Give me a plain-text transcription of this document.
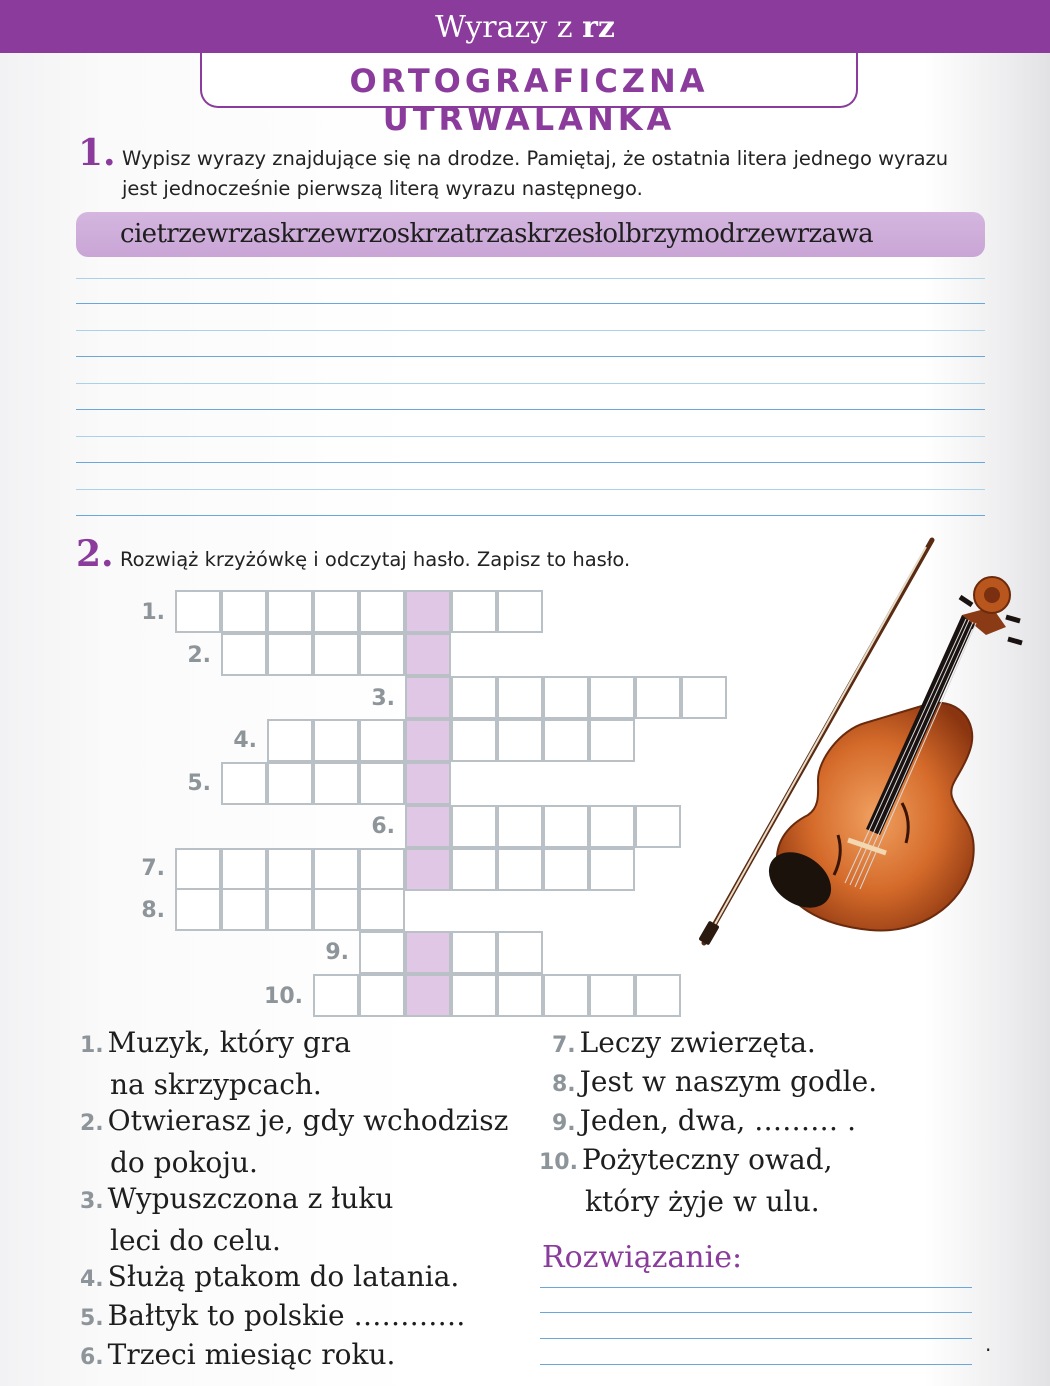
Wyrazy z rz
ORTOGRAFICZNA UTRWALANKA
1. Wypisz wyrazy znajdujące się na drodze. Pamiętaj, że ostatnia litera jednego wyrazu
jest jednocześnie pierwszą literą wyrazu następnego.
cietrzewrzaskrzewrzoskrzatrzaskrzesłolbrzymodrzewrzawa
2. Rozwiąż krzyżówkę i odczytaj hasło. Zapisz to hasło.
1.
2.
3.
4.
5.
6.
7.
8.
9.
10.
1. Muzyk, który gra
na skrzypcach.
2. Otwierasz je, gdy wchodzisz
do pokoju.
3. Wypuszczona z łuku
leci do celu.
4. Służą ptakom do latania.
5. Bałtyk to polskie …………
6. Trzeci miesiąc roku.
7. Leczy zwierzęta.
8. Jest w naszym godle.
9. Jeden, dwa, ……… .
10. Pożyteczny owad,
który żyje w ulu.
Rozwiązanie:
.
